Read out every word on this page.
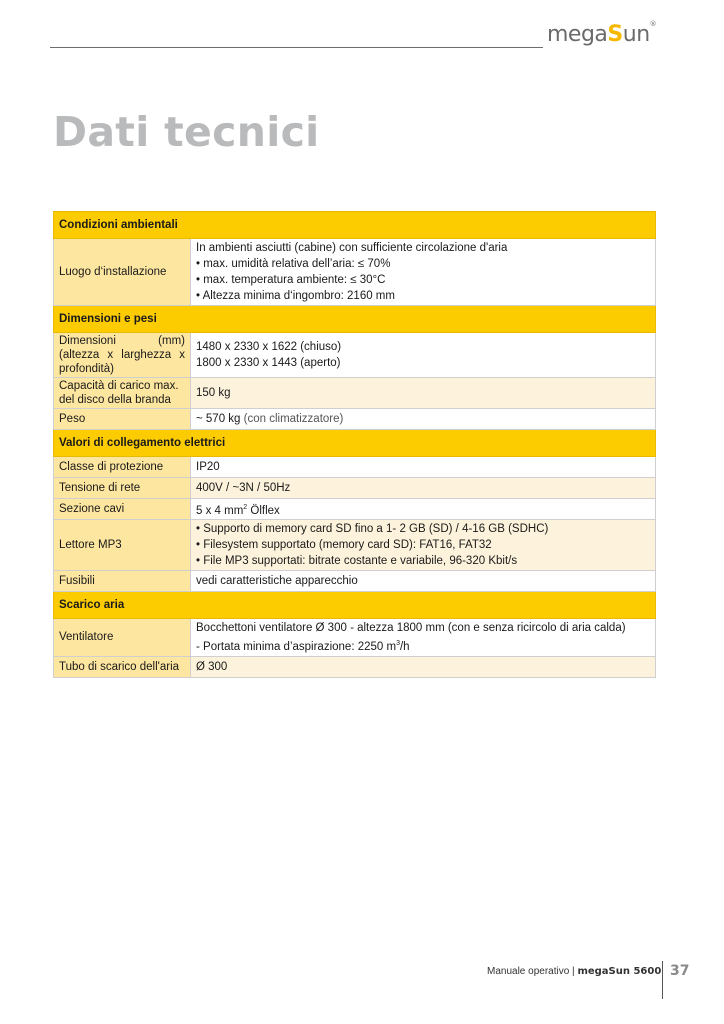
megaSun®
Dati tecnici
Condizioni ambientali	
Luogo d‘installazione	In ambienti asciutti (cabine) con sufficiente circolazione d'aria
• max. umidità relativa dell’aria: ≤ 70%
• max. temperatura ambiente: ≤ 30°C
• Altezza minima d‘ingombro: 2160 mm

Dimensioni e pesi	
Dimensioni (mm) (altezza x larghezza x profondità)	1480 x 2330 x 1622 (chiuso)
1800 x 2330 x 1443 (aperto)

Capacità di carico max. del disco della branda	150 kg
Peso	~ 570 kg (con climatizzatore)
Valori di collegamento elettrici	
Classe di protezione	IP20
Tensione di rete	400V / ~3N / 50Hz
Sezione cavi	5 x 4 $mm^2$ Ölflex
Lettore MP3	• Supporto di memory card SD fino a 1- 2 GB (SD) / 4-16 GB (SDHC)
• Filesystem supportato (memory card SD): FAT16, FAT32
• File MP3 supportati: bitrate costante e variabile, 96-320 Kbit/s

Fusibili	vedi caratteristiche apparecchio
Scarico aria	
Ventilatore	Bocchettoni ventilatore Ø 300 - altezza 1800 mm (con e senza ricircolo di aria calda)
- Portata minima d’aspirazione: 2250 $m^3/h$

Tubo di scarico dell'aria	Ø 300
Manuale operativo | megaSun 5600 37
